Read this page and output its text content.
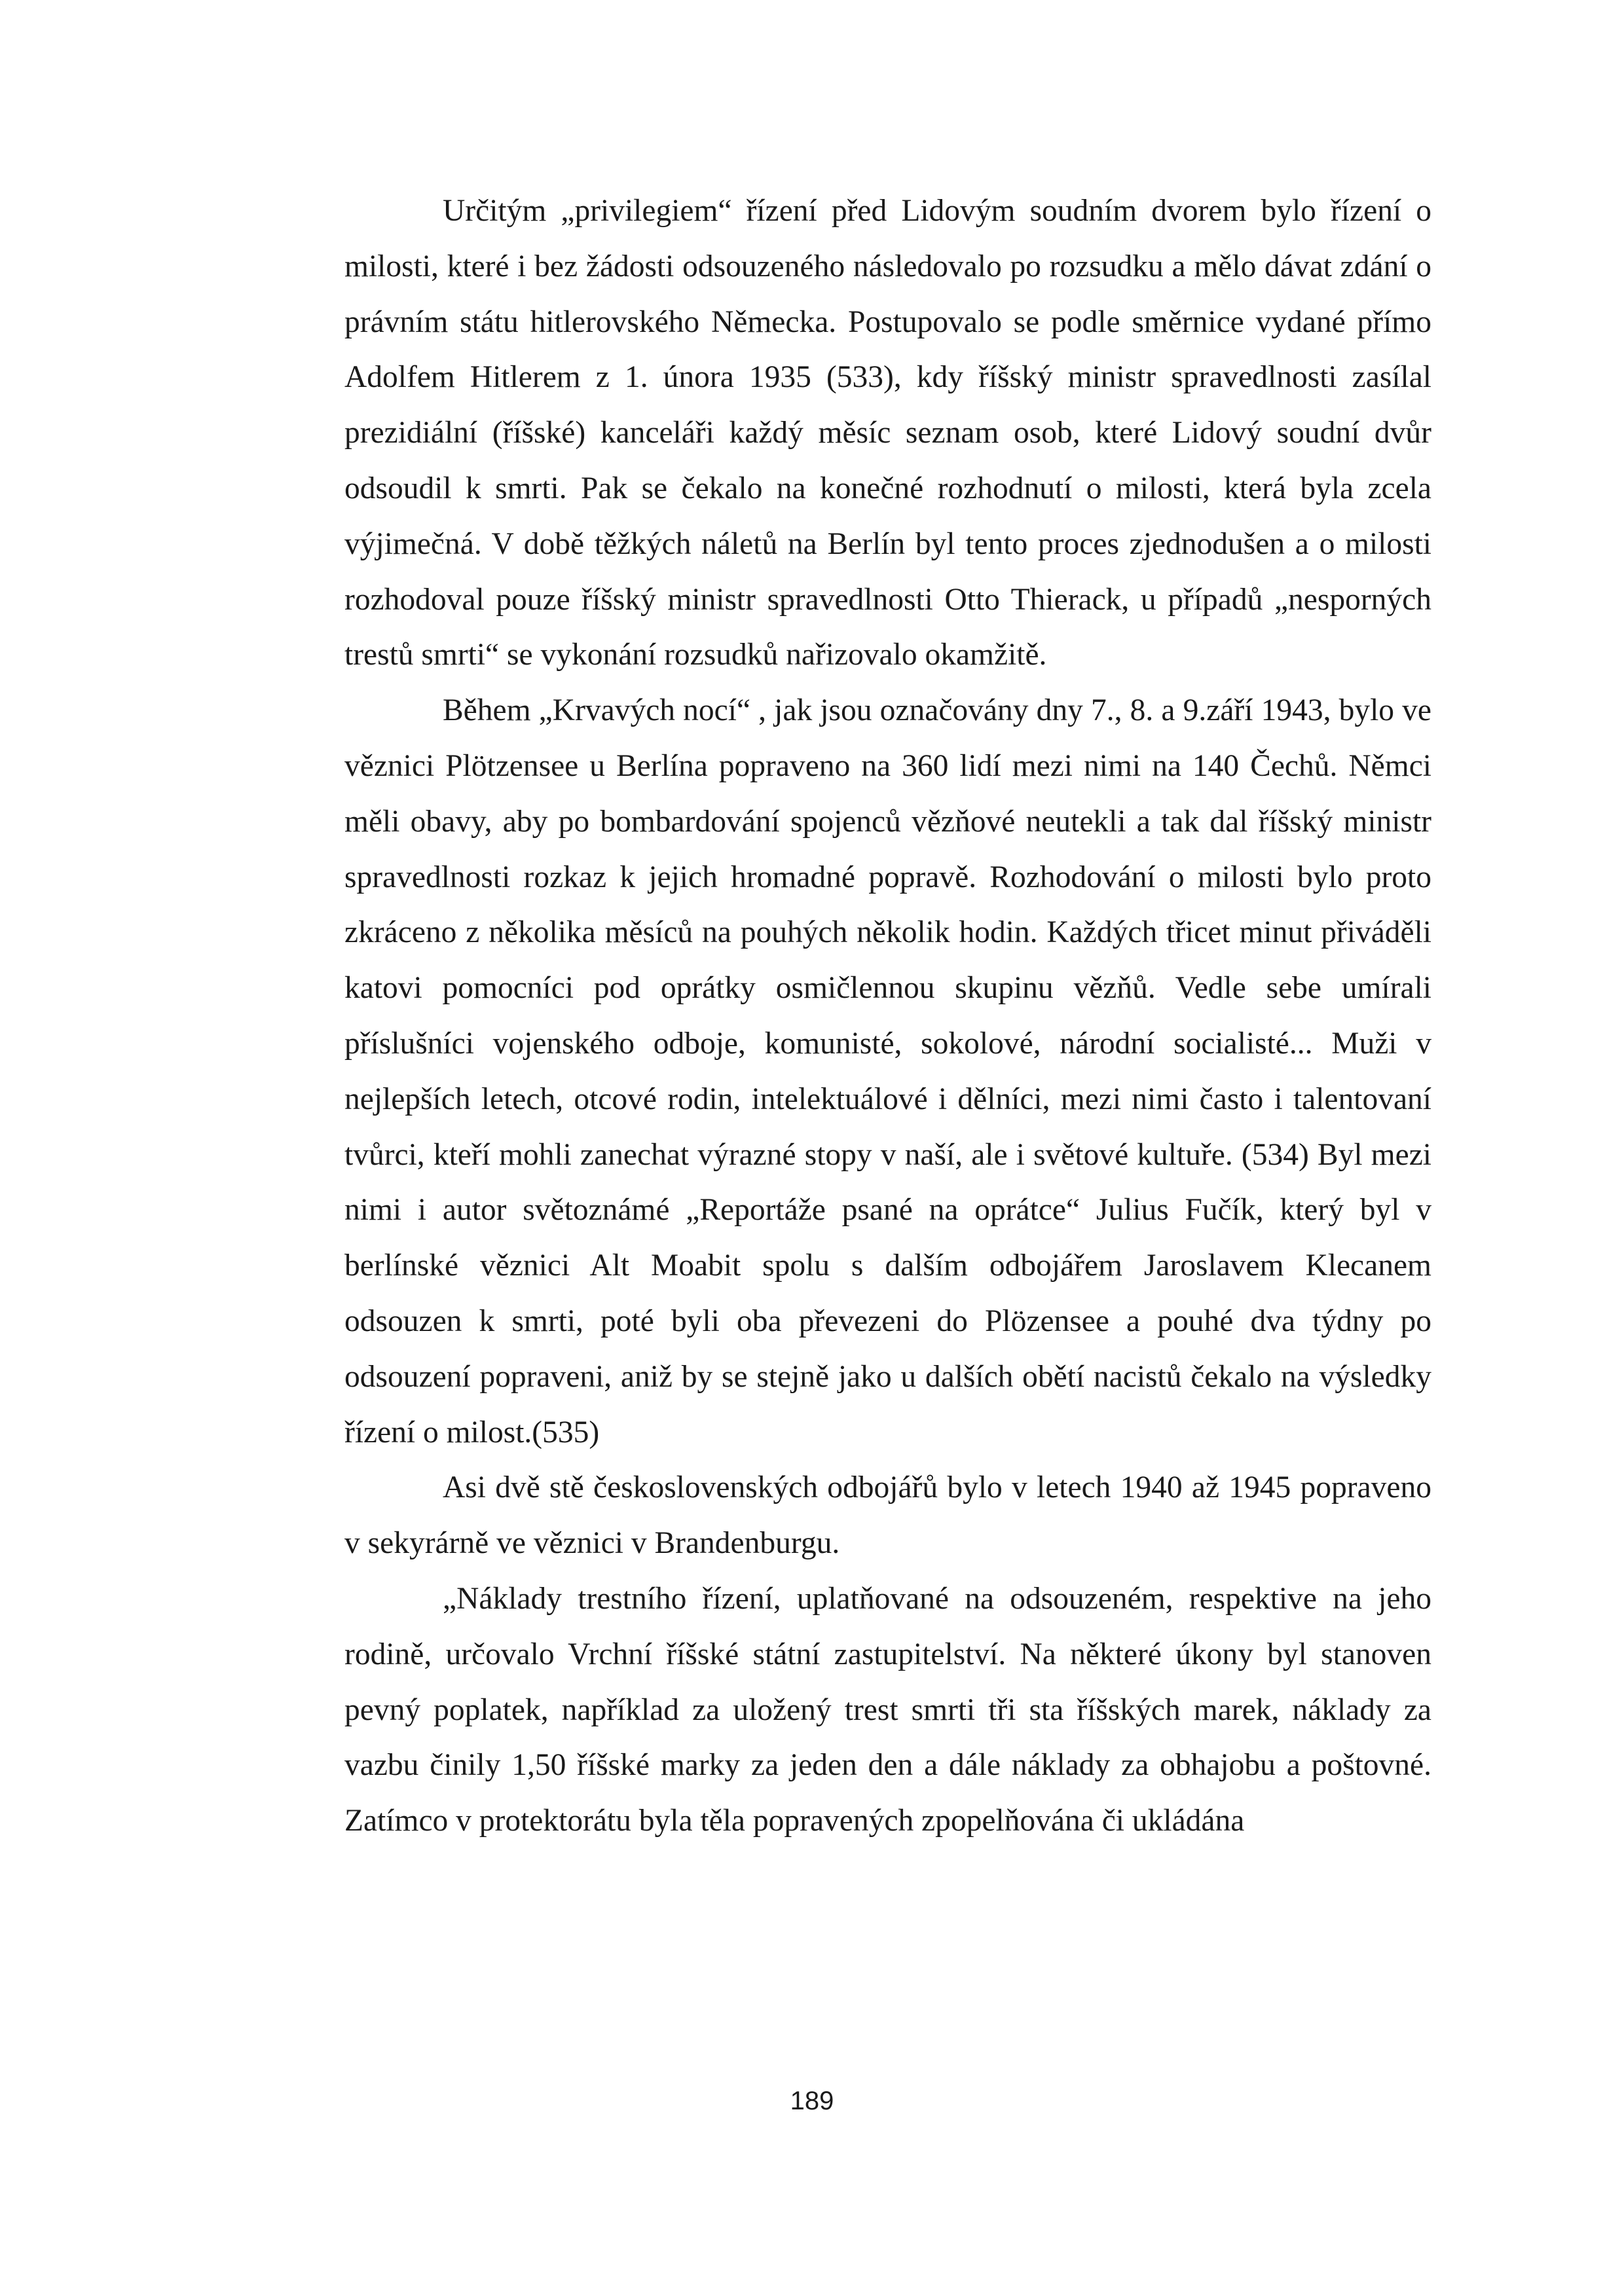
Určitým „privilegiem“ řízení před Lidovým soudním dvorem bylo řízení o milosti, které i bez žádosti odsouzeného následovalo po rozsudku a mělo dávat zdání o právním státu hitlerovského Německa. Postupovalo se podle směrnice vydané přímo Adolfem Hitlerem z 1. února 1935 (533), kdy říšský ministr spravedlnosti zasílal prezidiální (říšské) kanceláři každý měsíc seznam osob, které Lidový soudní dvůr odsoudil k smrti. Pak se čekalo na konečné rozhodnutí o milosti, která byla zcela výjimečná. V době těžkých náletů na Berlín byl tento proces zjednodušen a o milosti rozhodoval pouze říšský ministr spravedlnosti Otto Thierack, u případů „nesporných trestů smrti“ se vykonání rozsudků nařizovalo okamžitě.

Během „Krvavých nocí“ , jak jsou označovány dny 7., 8. a 9.září 1943, bylo ve věznici Plötzensee u Berlína popraveno na 360 lidí mezi nimi na 140 Čechů. Němci měli obavy, aby po bombardování spojenců vězňové neutekli a tak dal říšský ministr spravedlnosti rozkaz k jejich hromadné popravě. Rozhodování o milosti bylo proto zkráceno z několika měsíců na pouhých několik hodin. Každých třicet minut přiváděli katovi pomocníci pod oprátky osmičlennou skupinu vězňů. Vedle sebe umírali příslušníci vojenského odboje, komunisté, sokolové, národní socialisté... Muži v nejlepších letech, otcové rodin, intelektuálové i dělníci, mezi nimi často i talentovaní tvůrci, kteří mohli zanechat výrazné stopy v naší, ale i světové kultuře. (534) Byl mezi nimi i autor světoznámé „Reportáže psané na oprátce“ Julius Fučík, který byl v berlínské věznici Alt Moabit spolu s dalším odbojářem Jaroslavem Klecanem odsouzen k smrti, poté byli oba převezeni do Plözensee a pouhé dva týdny po odsouzení popraveni, aniž by se stejně jako u dalších obětí nacistů čekalo na výsledky řízení o milost.(535)

Asi dvě stě československých odbojářů bylo v letech 1940 až 1945 popraveno v sekyrárně ve věznici v Brandenburgu.

„Náklady trestního řízení, uplatňované na odsouzeném, respektive na jeho rodině, určovalo Vrchní říšské státní zastupitelství. Na některé úkony byl stanoven pevný poplatek, například za uložený trest smrti tři sta říšských marek, náklady za vazbu činily 1,50 říšské marky za jeden den a dále náklady za obhajobu a poštovné. Zatímco v protektorátu byla těla popravených zpopelňována či ukládána

189
